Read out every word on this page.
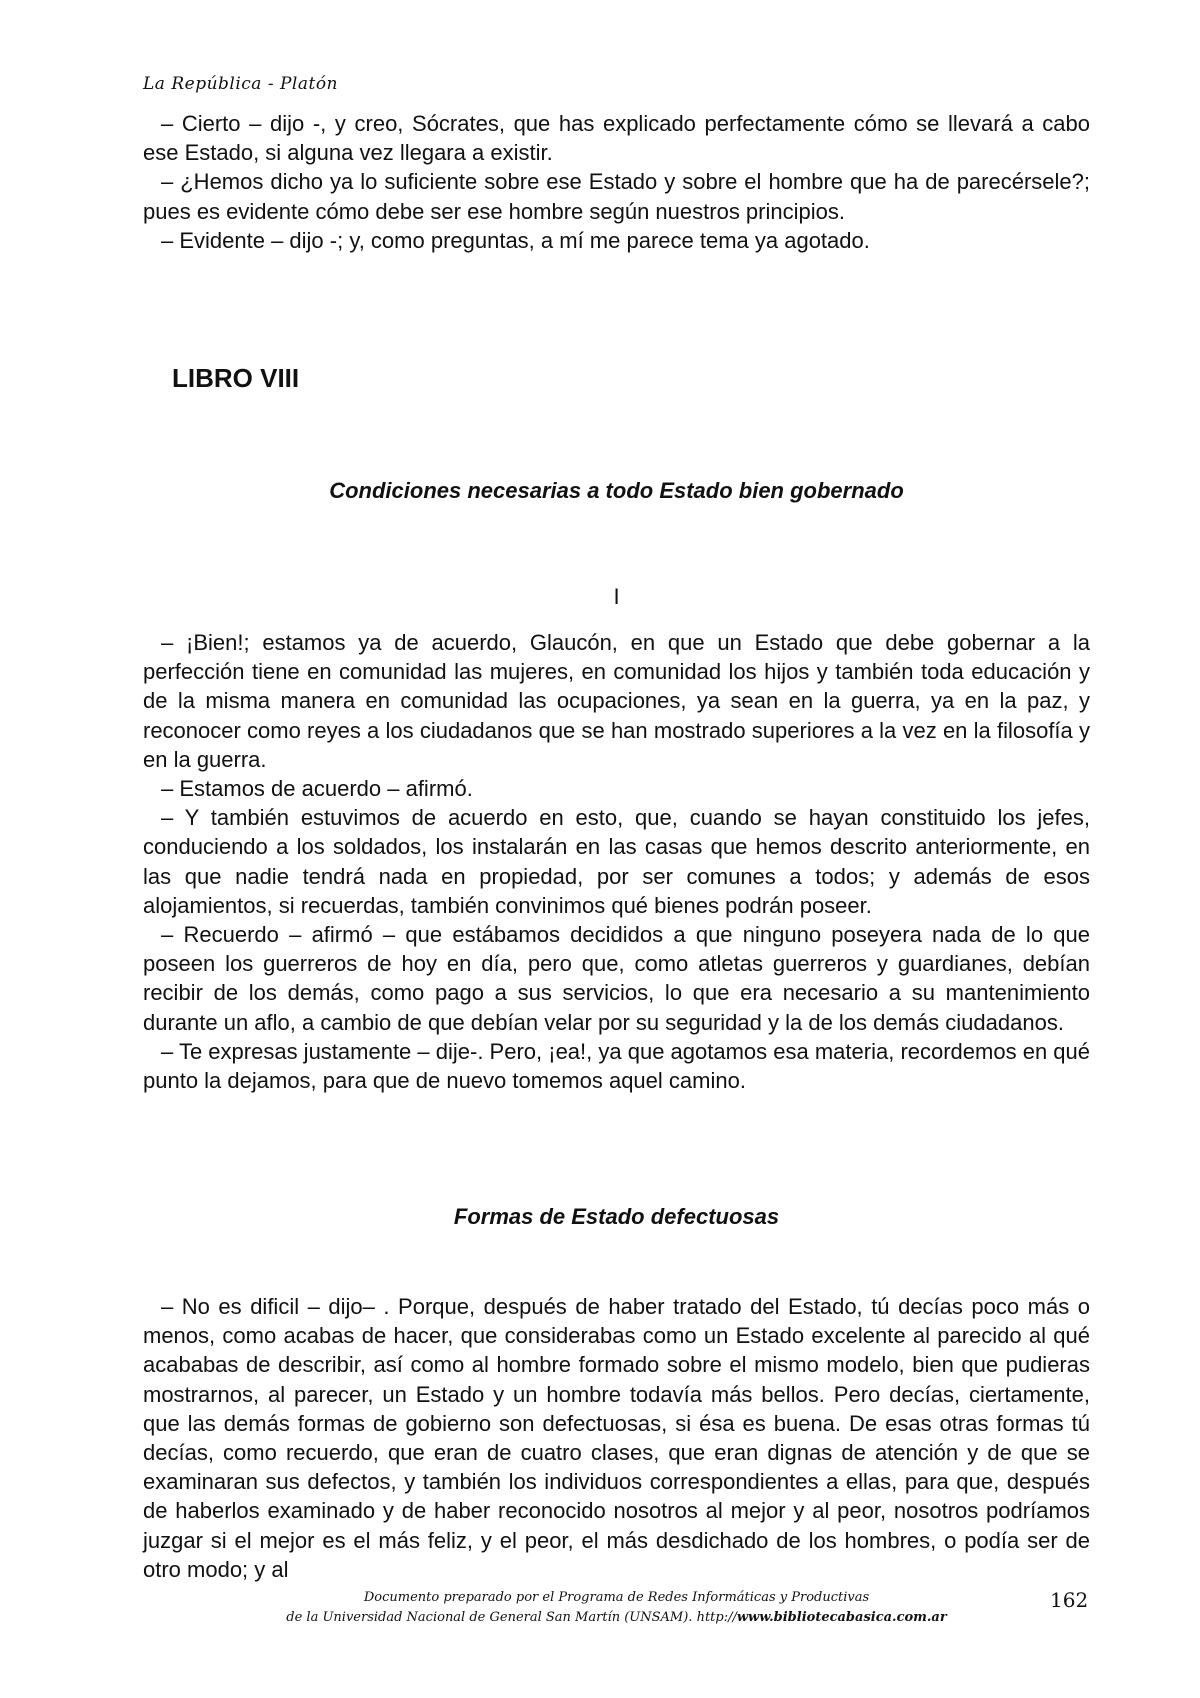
La República - Platón

– Cierto – dijo -, y creo, Sócrates, que has explicado perfectamente cómo se llevará a cabo ese Estado, si alguna vez llegara a existir.

– ¿Hemos dicho ya lo suficiente sobre ese Estado y sobre el hombre que ha de parecérsele?; pues es evidente cómo debe ser ese hombre según nuestros principios.

– Evidente – dijo -; y, como preguntas, a mí me parece tema ya agotado.

LIBRO VIII
Condiciones necesarias a todo Estado bien gobernado
I

– ¡Bien!; estamos ya de acuerdo, Glaucón, en que un Estado que debe gobernar a la perfección tiene en comunidad las mujeres, en comunidad los hijos y también toda educación y de la misma manera en comunidad las ocupaciones, ya sean en la guerra, ya en la paz, y reconocer como reyes a los ciudadanos que se han mostrado superiores a la vez en la filosofía y en la guerra.

– Estamos de acuerdo – afirmó.

– Y también estuvimos de acuerdo en esto, que, cuando se hayan constituido los jefes, conduciendo a los soldados, los instalarán en las casas que hemos descrito anteriormente, en las que nadie tendrá nada en propiedad, por ser comunes a todos; y además de esos alojamientos, si recuerdas, también convinimos qué bienes podrán poseer.

– Recuerdo – afirmó – que estábamos decididos a que ninguno poseyera nada de lo que poseen los guerreros de hoy en día, pero que, como atletas guerreros y guardianes, debían recibir de los demás, como pago a sus servicios, lo que era necesario a su mantenimiento durante un aflo, a cambio de que debían velar por su seguridad y la de los demás ciudadanos.

– Te expresas justamente – dije-. Pero, ¡ea!, ya que agotamos esa materia, recordemos en qué punto la dejamos, para que de nuevo tomemos aquel camino.

Formas de Estado defectuosas

– No es dificil – dijo– . Porque, después de haber tratado del Estado, tú decías poco más o menos, como acabas de hacer, que considerabas como un Estado excelente al parecido al qué acababas de describir, así como al hombre formado sobre el mismo modelo, bien que pudieras mostrarnos, al parecer, un Estado y un hombre todavía más bellos. Pero decías, ciertamente, que las demás formas de gobierno son defectuosas, si ésa es buena. De esas otras formas tú decías, como recuerdo, que eran de cuatro clases, que eran dignas de atención y de que se examinaran sus defectos, y también los individuos correspondientes a ellas, para que, después de haberlos examinado y de haber reconocido nosotros al mejor y al peor, nosotros podríamos juzgar si el mejor es el más feliz, y el peor, el más desdichado de los hombres, o podía ser de otro modo; y al

Documento preparado por el Programa de Redes Informáticas y Productivas
de la Universidad Nacional de General San Martín (UNSAM). http://www.bibliotecabasica.com.ar
162
